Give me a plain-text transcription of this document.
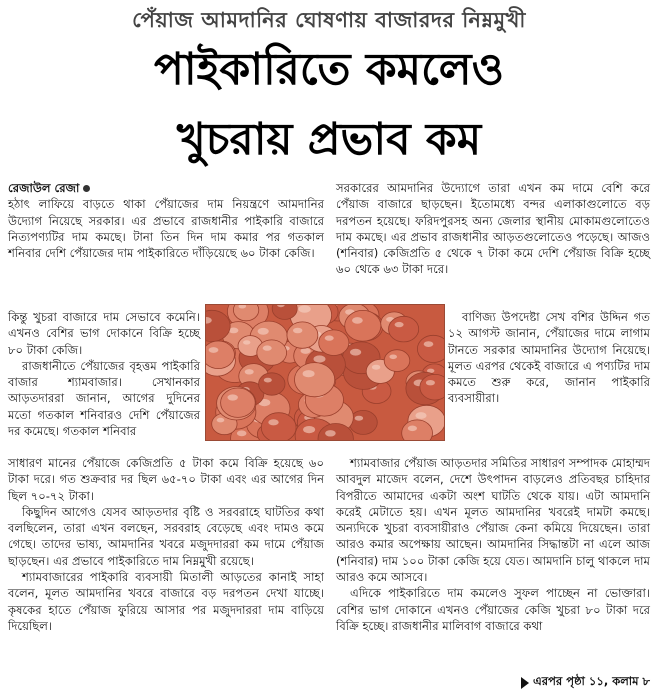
পেঁয়াজ আমদানির ঘোষণায় বাজারদর নিম্নমুখী
পাইকারিতে কমলেও
খুচরায় প্রভাব কম

রেজাউল রেজা

হঠাৎ লাফিয়ে বাড়তে থাকা পেঁয়াজের দাম নিয়ন্ত্রণে আমদানির উদ্যোগ নিয়েছে সরকার। এর প্রভাবে রাজধানীর পাইকারি বাজারে নিত্যপণ্যটির দাম কমছে। টানা তিন দিন দাম কমার পর গতকাল শনিবার দেশি পেঁয়াজের দাম পাইকারিতে দাঁড়িয়েছে ৬০ টাকা কেজি।

কিন্তু খুচরা বাজারে দাম সেভাবে কমেনি। এখনও বেশির ভাগ দোকানে বিক্রি হচ্ছে ৮০ টাকা কেজি।

রাজধানীতে পেঁয়াজের বৃহত্তম পাইকারি বাজার শ্যামবাজার। সেখানকার আড়তদাররা জানান, আগের দুদিনের মতো গতকাল শনিবারও দেশি পেঁয়াজের দর কমেছে। গতকাল শনিবার

বাণিজ্য উপদেষ্টা সেখ বশির উদ্দিন গত ১২ আগস্ট জানান, পেঁয়াজের দামে লাগাম টানতে সরকার আমদানির উদ্যোগ নিয়েছে। মূলত এরপর থেকেই বাজারে এ পণ্যটির দাম কমতে শুরু করে, জানান পাইকারি ব্যবসায়ীরা।

সাধারণ মানের পেঁয়াজে কেজিপ্রতি ৫ টাকা কমে বিক্রি হয়েছে ৬০ টাকা দরে। গত শুক্রবার দর ছিল ৬৫-৭০ টাকা এবং এর আগের দিন ছিল ৭০-৭২ টাকা।

কিছুদিন আগেও যেসব আড়তদার বৃষ্টি ও সরবরাহে ঘাটতির কথা বলছিলেন, তারা এখন বলছেন, সরবরাহ বেড়েছে এবং দামও কমে গেছে। তাদের ভাষ্য, আমদানির খবরে মজুদদাররা কম দামে পেঁয়াজ ছাড়ছেন। এর প্রভাবে পাইকারিতে দাম নিম্নমুখী রয়েছে।

শ্যামবাজারের পাইকারি ব্যবসায়ী মিতালী আড়তের কানাই সাহা বলেন, মূলত আমদানির খবরে বাজারে বড় দরপতন দেখা যাচ্ছে। কৃষকের হাতে পেঁয়াজ ফুরিয়ে আসার পর মজুদদাররা দাম বাড়িয়ে দিয়েছিল।

সরকারের আমদানির উদ্যোগে তারা এখন কম দামে বেশি করে পেঁয়াজ বাজারে ছাড়ছেন। ইতোমধ্যে বন্দর এলাকাগুলোতে বড় দরপতন হয়েছে। ফরিদপুরসহ অন্য জেলার স্থানীয় মোকামগুলোতেও দাম কমছে। এর প্রভাব রাজধানীর আড়তগুলোতেও পড়েছে। আজও (শনিবার) কেজিপ্রতি ৫ থেকে ৭ টাকা কমে দেশি পেঁয়াজ বিক্রি হচ্ছে ৬০ থেকে ৬৩ টাকা দরে।

শ্যামবাজার পেঁয়াজ আড়তদার সমিতির সাধারণ সম্পাদক মোহাম্মদ আবদুল মাজেদ বলেন, দেশে উৎপাদন বাড়লেও প্রতিবছর চাহিদার বিপরীতে আমাদের একটা অংশ ঘাটতি থেকে যায়। এটা আমদানি করেই মেটাতে হয়। এখন মূলত আমদানির খবরেই দামটা কমছে। অন্যদিকে খুচরা ব্যবসায়ীরাও পেঁয়াজ কেনা কমিয়ে দিয়েছেন। তারা আরও কমার অপেক্ষায় আছেন। আমদানির সিদ্ধান্তটা না এলে আজ (শনিবার) দাম ১০০ টাকা কেজি হয়ে যেত। আমদানি চালু থাকলে দাম আরও কমে আসবে।

এদিকে পাইকারিতে দাম কমলেও সুফল পাচ্ছেন না ভোক্তারা। বেশির ভাগ দোকানে এখনও পেঁয়াজের কেজি খুচরা ৮০ টাকা দরে বিক্রি হচ্ছে। রাজধানীর মালিবাগ বাজারে কথা

এরপর পৃষ্ঠা ১১, কলাম ৮
